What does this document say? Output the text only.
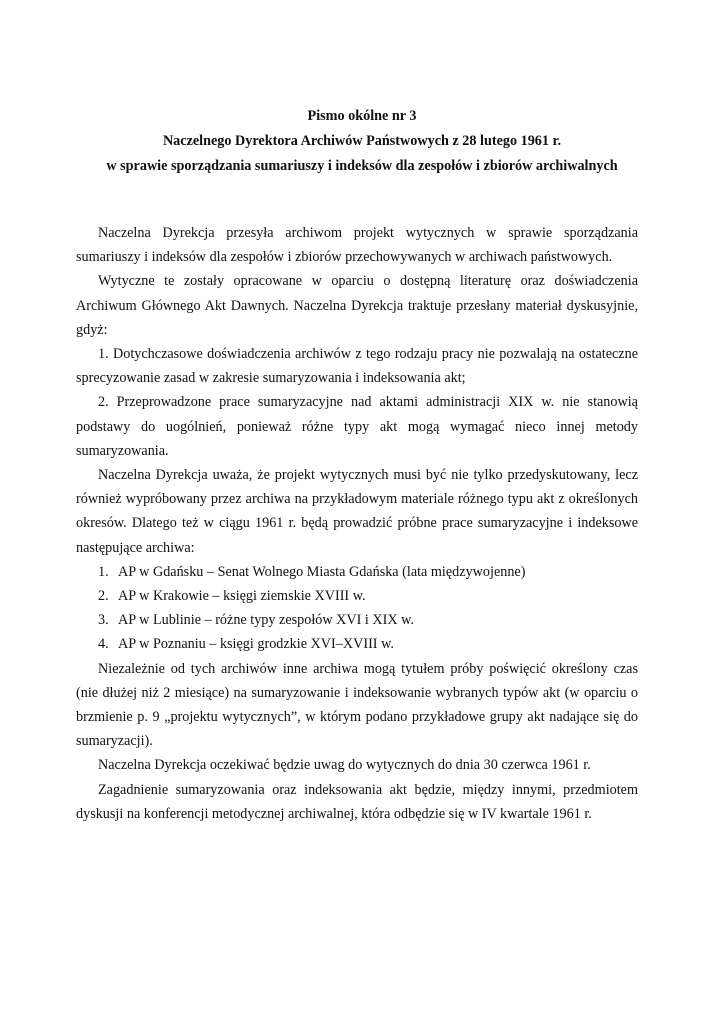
Pismo okólne nr 3
Naczelnego Dyrektora Archiwów Państwowych z 28 lutego 1961 r.
w sprawie sporządzania sumariuszy i indeksów dla zespołów i zbiorów archiwalnych

Naczelna Dyrekcja przesyła archiwom projekt wytycznych w sprawie sporządzania sumariuszy i indeksów dla zespołów i zbiorów przechowywanych w archiwach państwowych.

Wytyczne te zostały opracowane w oparciu o dostępną literaturę oraz doświadczenia Archiwum Głównego Akt Dawnych. Naczelna Dyrekcja traktuje przesłany materiał dyskusyjnie, gdyż:

1. Dotychczasowe doświadczenia archiwów z tego rodzaju pracy nie pozwalają na ostateczne sprecyzowanie zasad w zakresie sumaryzowania i indeksowania akt;

2. Przeprowadzone prace sumaryzacyjne nad aktami administracji XIX w. nie stanowią podstawy do uogólnień, ponieważ różne typy akt mogą wymagać nieco innej metody sumaryzowania.

Naczelna Dyrekcja uważa, że projekt wytycznych musi być nie tylko przedyskutowany, lecz również wypróbowany przez archiwa na przykładowym materiale różnego typu akt z określonych okresów. Dlatego też w ciągu 1961 r. będą prowadzić próbne prace sumaryzacyjne i indeksowe następujące archiwa:

1. AP w Gdańsku – Senat Wolnego Miasta Gdańska (lata międzywojenne)
2. AP w Krakowie – księgi ziemskie XVIII w.
3. AP w Lublinie – różne typy zespołów XVI i XIX w.
4. AP w Poznaniu – księgi grodzkie XVI–XVIII w.

Niezależnie od tych archiwów inne archiwa mogą tytułem próby poświęcić określony czas (nie dłużej niż 2 miesiące) na sumaryzowanie i indeksowanie wybranych typów akt (w oparciu o brzmienie p. 9 „projektu wytycznych”, w którym podano przykładowe grupy akt nadające się do sumaryzacji).

Naczelna Dyrekcja oczekiwać będzie uwag do wytycznych do dnia 30 czerwca 1961 r.

Zagadnienie sumaryzowania oraz indeksowania akt będzie, między innymi, przedmiotem dyskusji na konferencji metodycznej archiwalnej, która odbędzie się w IV kwartale 1961 r.
